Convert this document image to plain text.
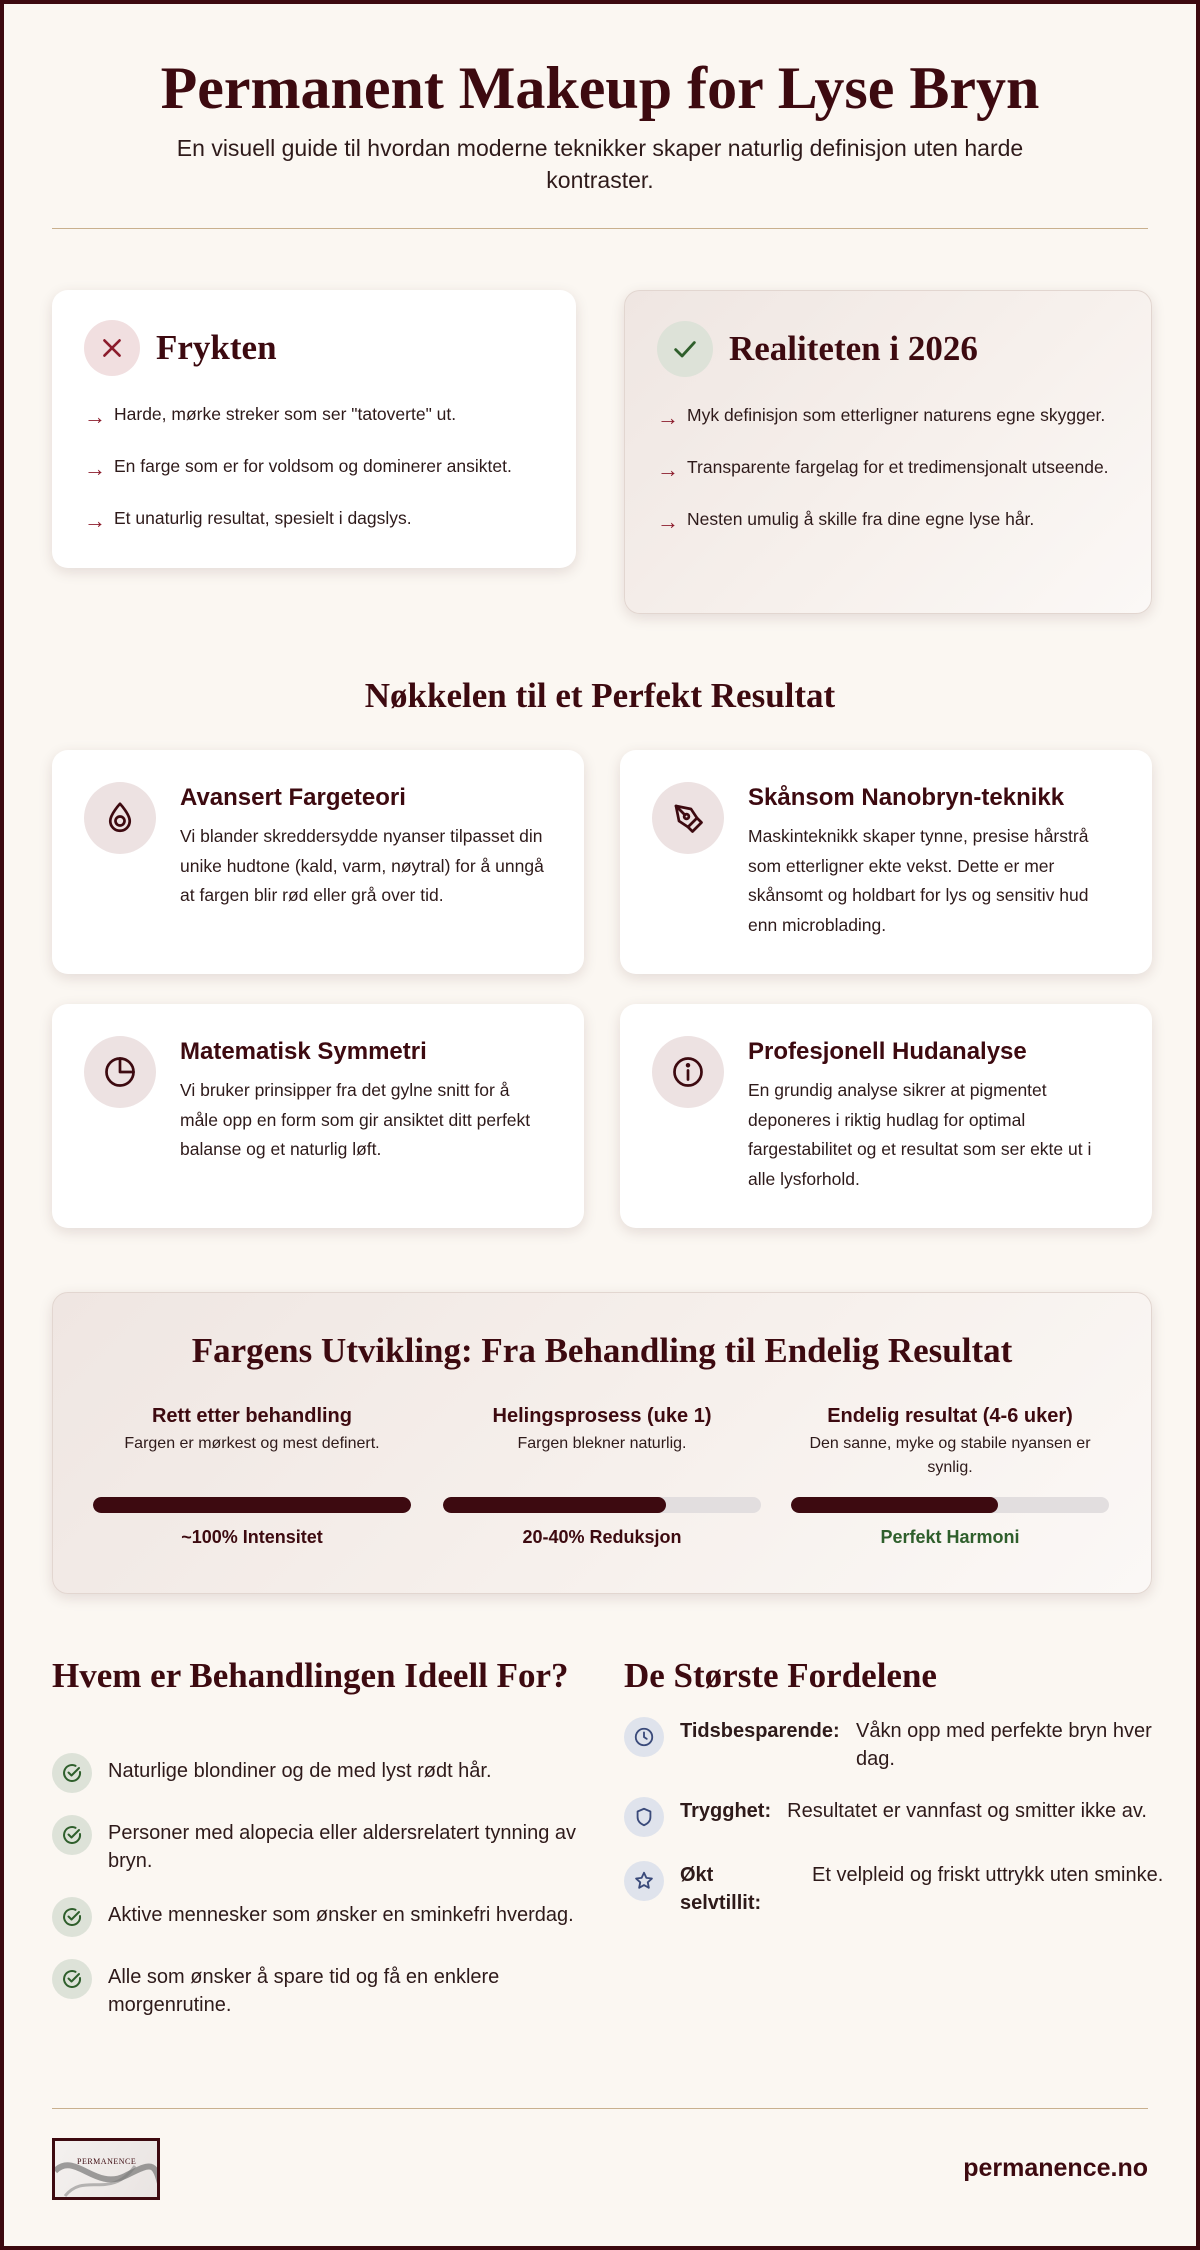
Permanent Makeup for Lyse Bryn

En visuell guide til hvordan moderne teknikker skaper naturlig definisjon uten harde kontraster.

Frykten
→ Harde, mørke streker som ser "tatoverte" ut.
→ En farge som er for voldsom og dominerer ansiktet.
→ Et unaturlig resultat, spesielt i dagslys.
Realiteten i 2026
→ Myk definisjon som etterligner naturens egne skygger.
→ Transparente fargelag for et tredimensjonalt utseende.
→ Nesten umulig å skille fra dine egne lyse hår.
Nøkkelen til et Perfekt Resultat
Avansert Fargeteori
Vi blander skreddersydde nyanser tilpasset din unike hudtone (kald, varm, nøytral) for å unngå at fargen blir rød eller grå over tid.
Skånsom Nanobryn-teknikk
Maskinteknikk skaper tynne, presise hårstrå som etterligner ekte vekst. Dette er mer skånsomt og holdbart for lys og sensitiv hud enn microblading.
Matematisk Symmetri
Vi bruker prinsipper fra det gylne snitt for å måle opp en form som gir ansiktet ditt perfekt balanse og et naturlig løft.
Profesjonell Hudanalyse
En grundig analyse sikrer at pigmentet deponeres i riktig hudlag for optimal fargestabilitet og et resultat som ser ekte ut i alle lysforhold.
Fargens Utvikling: Fra Behandling til Endelig Resultat
Rett etter behandling
Fargen er mørkest og mest definert.
~100% Intensitet
Helingsprosess (uke 1)
Fargen blekner naturlig.
20-40% Reduksjon
Endelig resultat (4-6 uker)
Den sanne, myke og stabile nyansen er synlig.
Perfekt Harmoni
Hvem er Behandlingen Ideell For?
Naturlige blondiner og de med lyst rødt hår.
Personer med alopecia eller aldersrelatert tynning av bryn.
Aktive mennesker som ønsker en sminkefri hverdag.
Alle som ønsker å spare tid og få en enklere morgenrutine.
De Største Fordelene
Tidsbesparende: Våkn opp med perfekte bryn hver dag.
Trygghet: Resultatet er vannfast og smitter ikke av.
Økt selvtillit:
Et velpleid og friskt uttrykk uten sminke.
PERMANENCE	permanence.no
